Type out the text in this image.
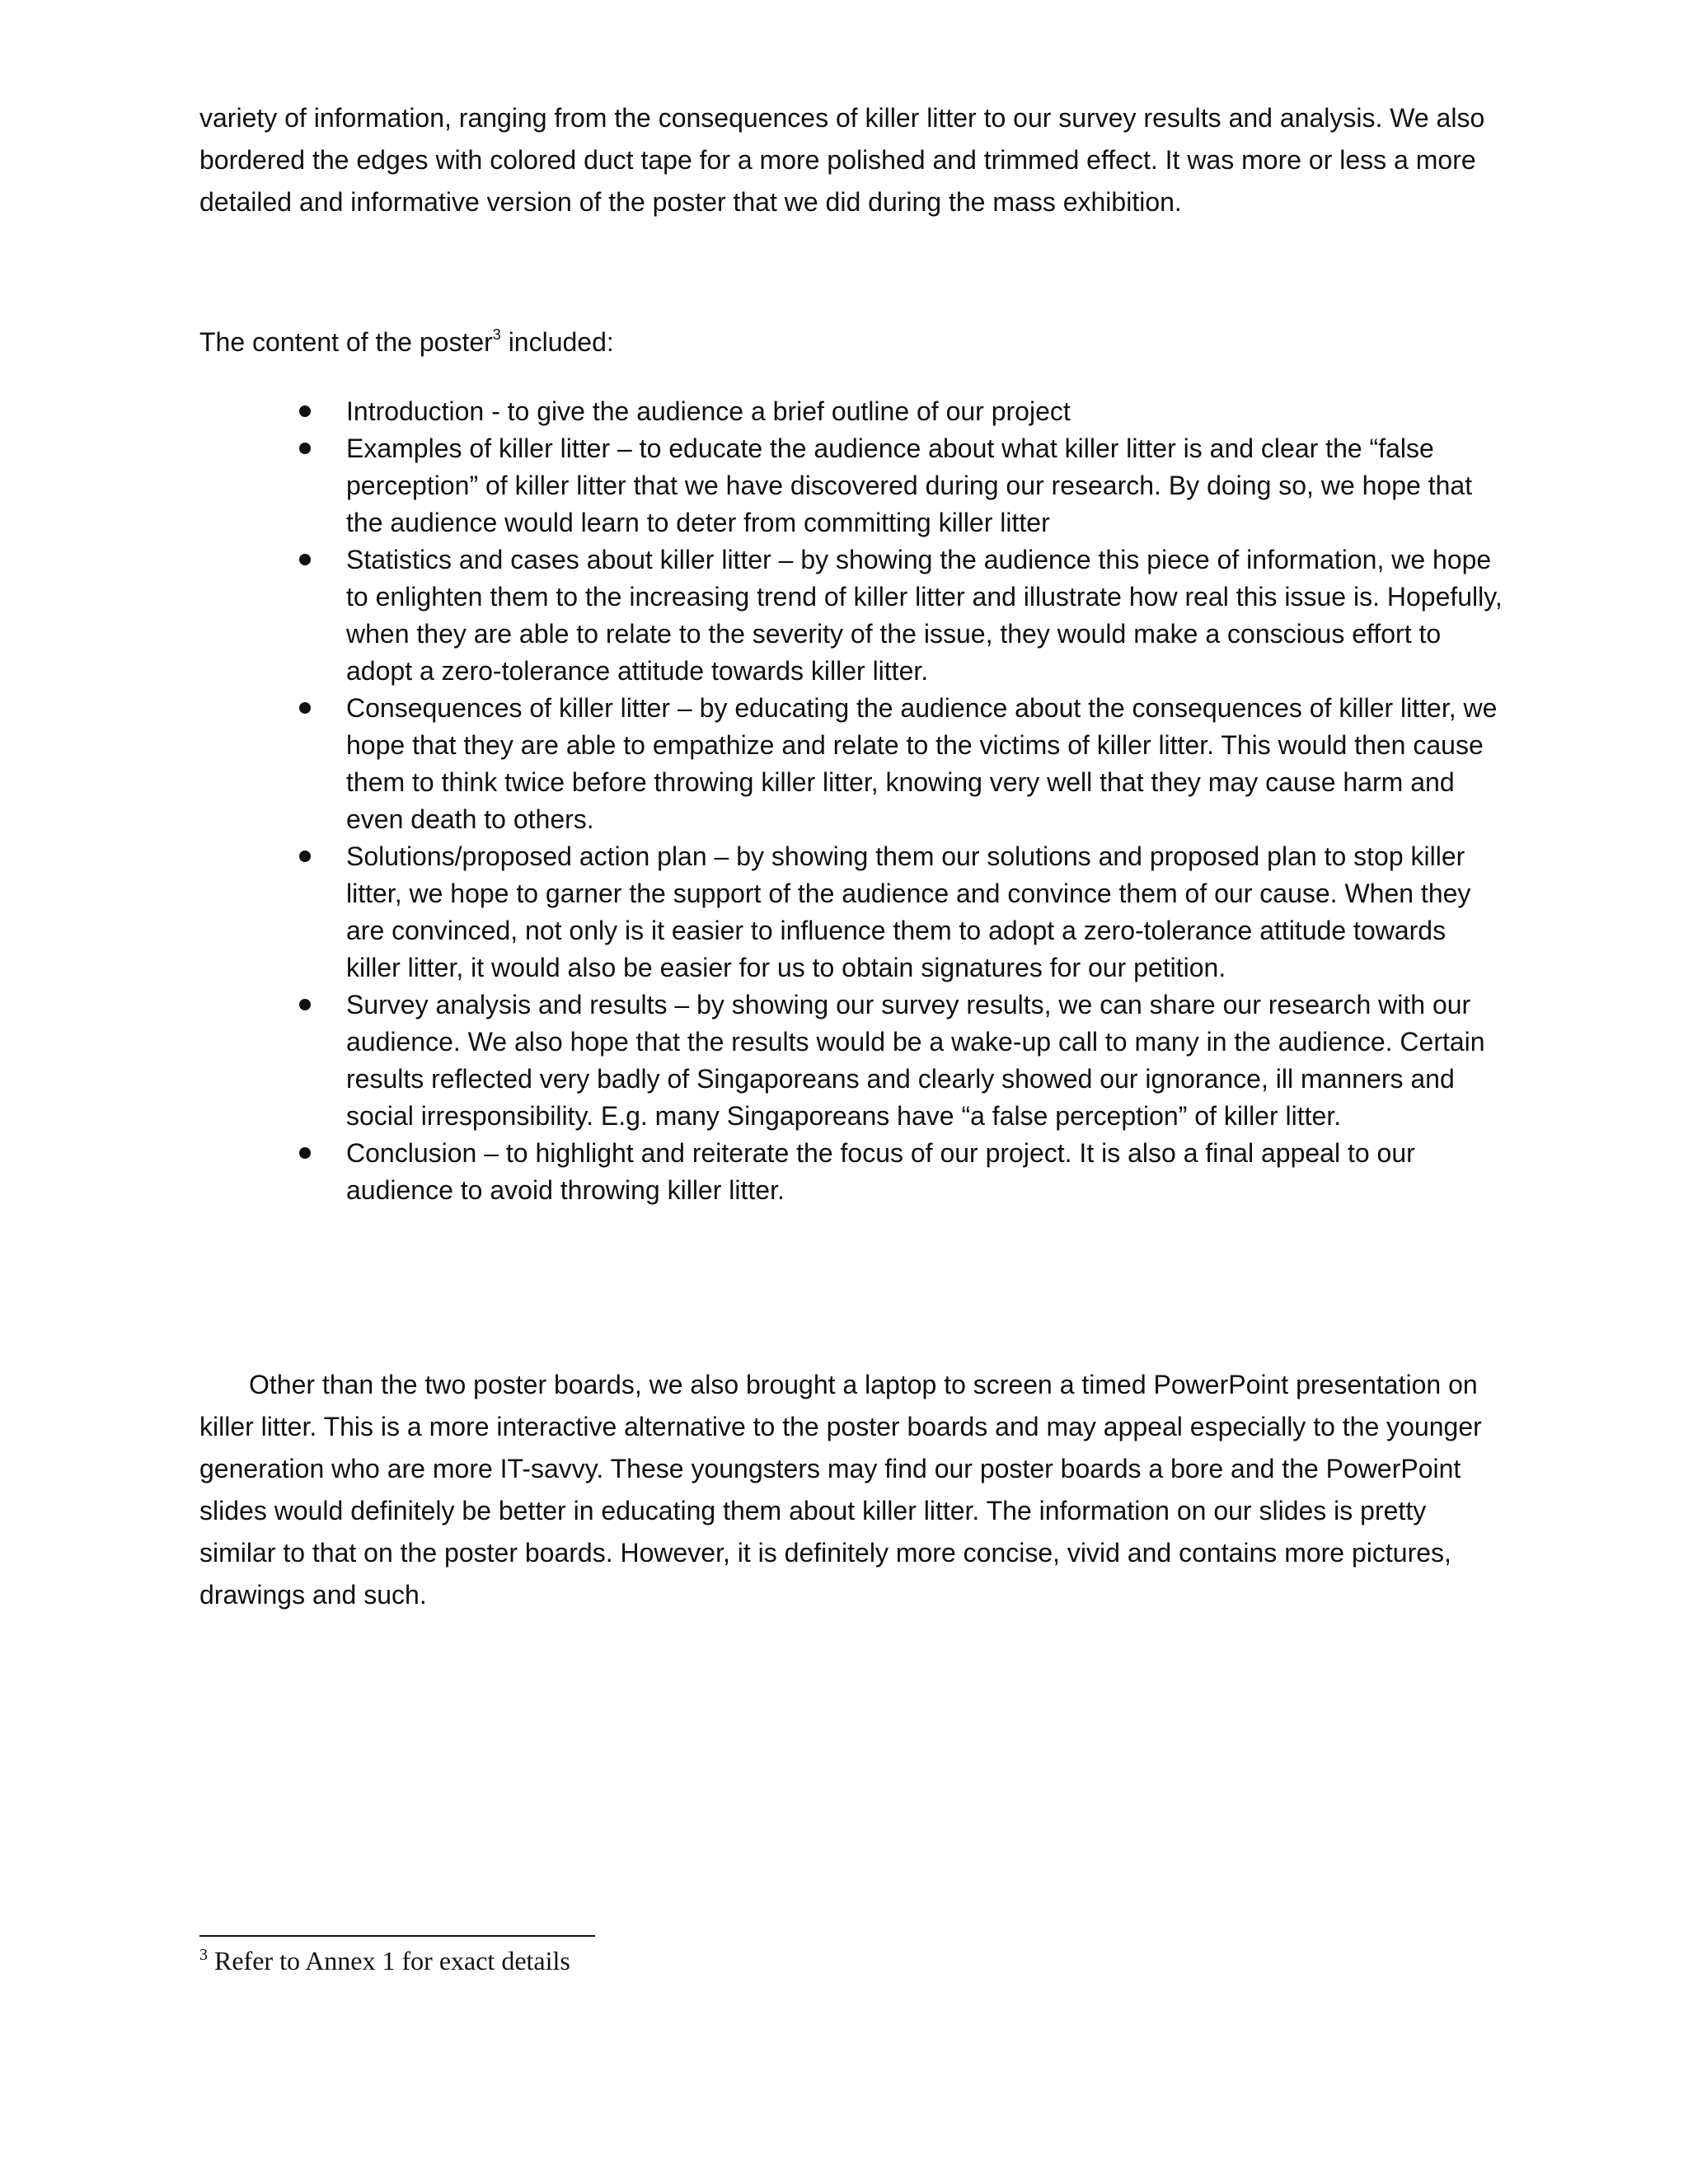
variety of information, ranging from the consequences of killer litter to our survey results and analysis. We also bordered the edges with colored duct tape for a more polished and trimmed effect. It was more or less a more detailed and informative version of the poster that we did during the mass exhibition.

The content of the poster$^3$ included:

Introduction - to give the audience a brief outline of our project
Examples of killer litter – to educate the audience about what killer litter is and clear the “false perception” of killer litter that we have discovered during our research. By doing so, we hope that the audience would learn to deter from committing killer litter
Statistics and cases about killer litter – by showing the audience this piece of information, we hope to enlighten them to the increasing trend of killer litter and illustrate how real this issue is. Hopefully, when they are able to relate to the severity of the issue, they would make a conscious effort to adopt a zero-tolerance attitude towards killer litter.
Consequences of killer litter – by educating the audience about the consequences of killer litter, we hope that they are able to empathize and relate to the victims of killer litter. This would then cause them to think twice before throwing killer litter, knowing very well that they may cause harm and even death to others.
Solutions/proposed action plan – by showing them our solutions and proposed plan to stop killer litter, we hope to garner the support of the audience and convince them of our cause. When they are convinced, not only is it easier to influence them to adopt a zero-tolerance attitude towards killer litter, it would also be easier for us to obtain signatures for our petition.
Survey analysis and results – by showing our survey results, we can share our research with our audience. We also hope that the results would be a wake-up call to many in the audience. Certain results reflected very badly of Singaporeans and clearly showed our ignorance, ill manners and social irresponsibility. E.g. many Singaporeans have “a false perception” of killer litter.
Conclusion – to highlight and reiterate the focus of our project. It is also a final appeal to our audience to avoid throwing killer litter.

Other than the two poster boards, we also brought a laptop to screen a timed PowerPoint presentation on killer litter. This is a more interactive alternative to the poster boards and may appeal especially to the younger generation who are more IT-savvy. These youngsters may find our poster boards a bore and the PowerPoint slides would definitely be better in educating them about killer litter. The information on our slides is pretty similar to that on the poster boards. However, it is definitely more concise, vivid and contains more pictures, drawings and such.

$^3$ Refer to Annex 1 for exact details
